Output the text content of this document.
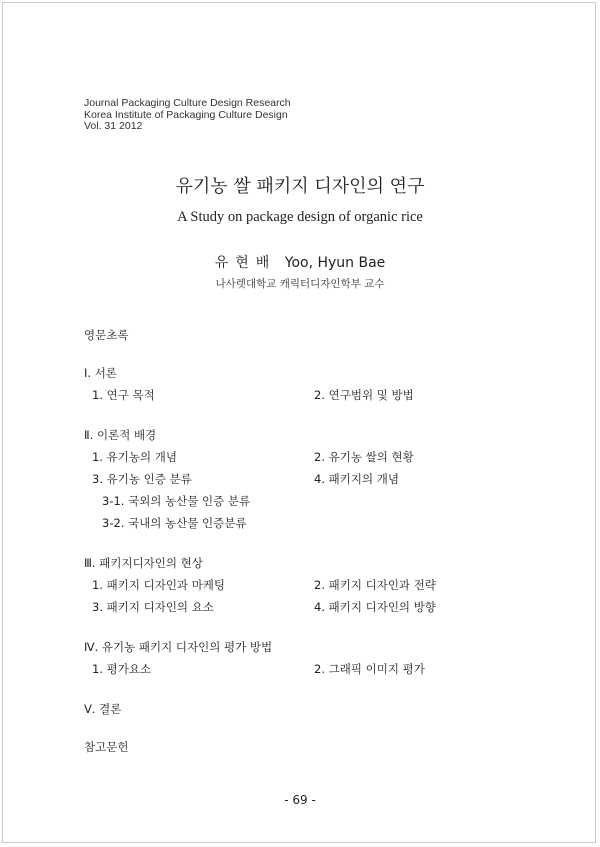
Journal Packaging Culture Design Research
Korea Institute of Packaging Culture Design
Vol. 31 2012
유기농 쌀 패키지 디자인의 연구
A Study on package design of organic rice
유현배 Yoo, Hyun Bae
나사렛대학교 캐릭터디자인학부 교수
영문초록
Ⅰ. 서론
1. 연구 목적	2. 연구범위 및 방법
Ⅱ. 이론적 배경
1. 유기농의 개념	2. 유기농 쌀의 현황
3. 유기농 인증 분류	4. 패키지의 개념
3-1. 국외의 농산물 인증 분류
3-2. 국내의 농산물 인증분류
Ⅲ. 패키지디자인의 현상
1. 패키지 디자인과 마케팅	2. 패키지 디자인과 전략
3. 패키지 디자인의 요소	4. 패키지 디자인의 방향
Ⅳ. 유기농 패키지 디자인의 평가 방법
1. 평가요소	2. 그래픽 이미지 평가
Ⅴ. 결론
참고문헌
- 69 -
